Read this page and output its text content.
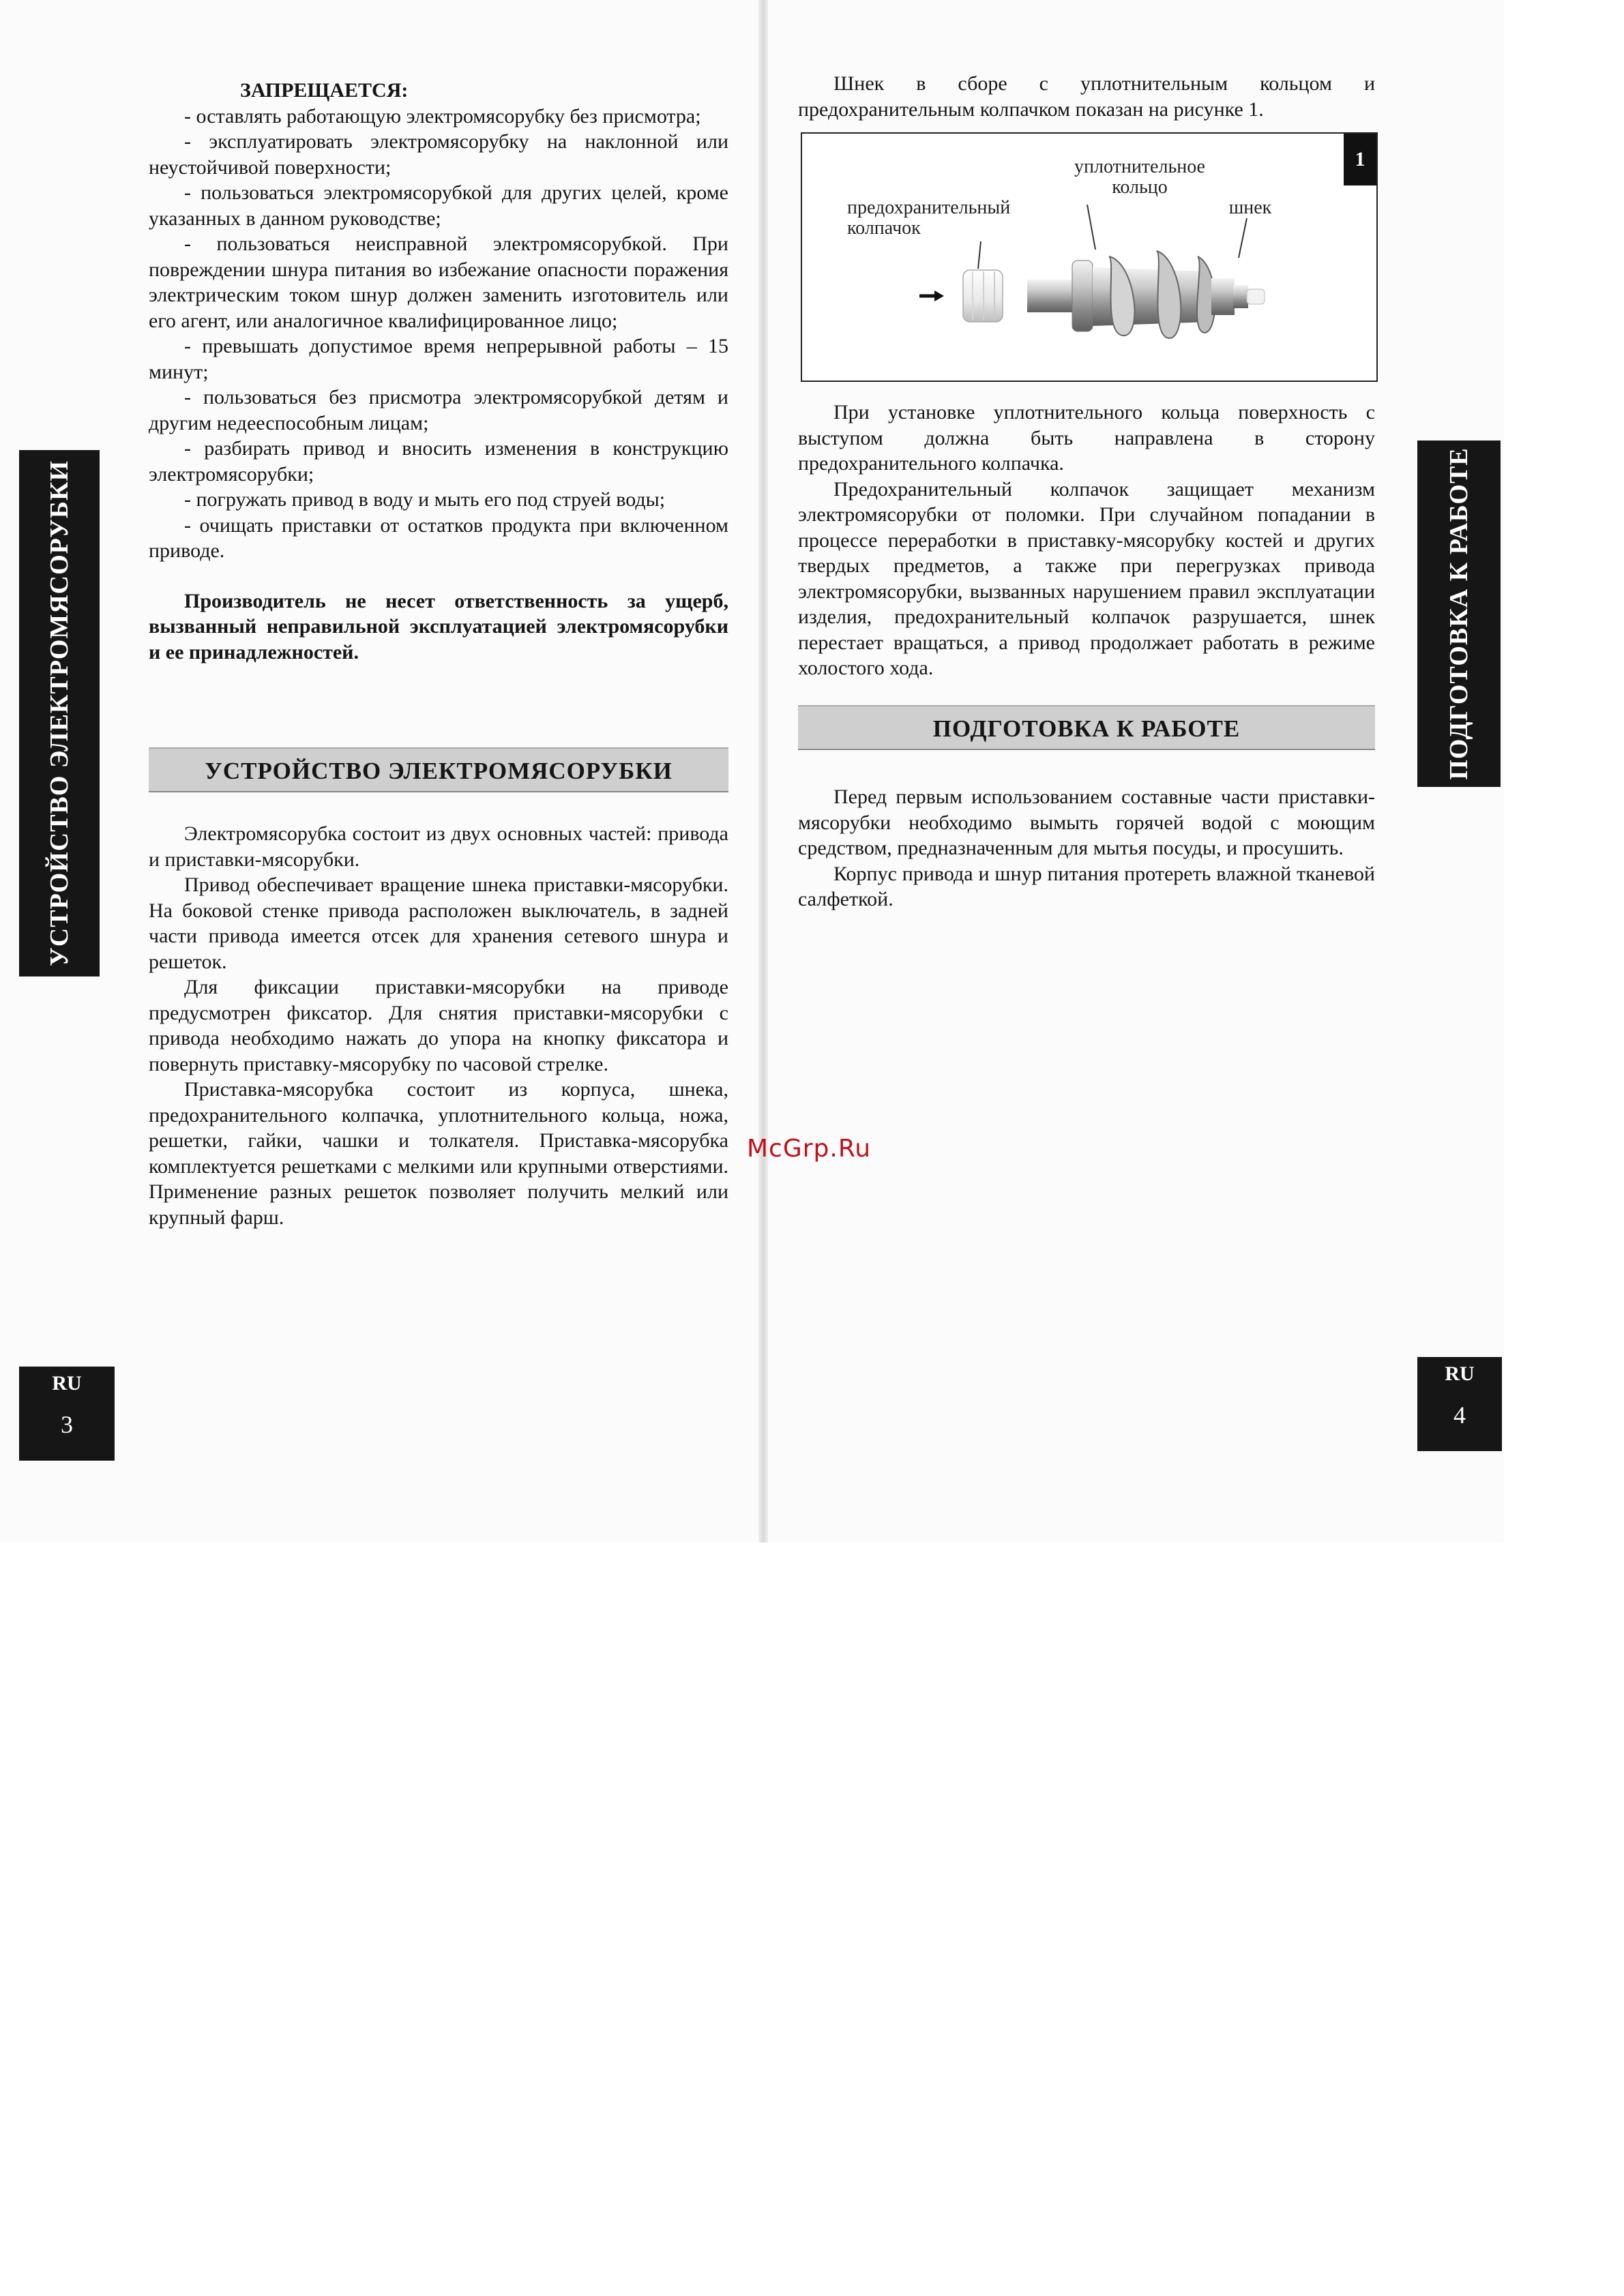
ЗАПРЕЩАЕТСЯ:

- оставлять работающую электромясорубку без присмотра;

- эксплуатировать электромясорубку на наклонной или неустойчивой поверхности;

- пользоваться электромясорубкой для других целей, кроме указанных в данном руководстве;

- пользоваться неисправной электромясорубкой. При повреждении шнура питания во избежание опасности поражения электрическим током шнур должен заменить изготовитель или его агент, или аналогичное квалифицированное лицо;

- превышать допустимое время непрерывной работы – 15 минут;

- пользоваться без присмотра электромясорубкой детям и другим недееспособным лицам;

- разбирать привод и вносить изменения в конструкцию электромясорубки;

- погружать привод в воду и мыть его под струей воды;

- очищать приставки от остатков продукта при включенном приводе.

Производитель не несет ответственность за ущерб, вызванный неправильной эксплуатацией электромясорубки и ее принадлежностей.

УСТРОЙСТВО ЭЛЕКТРОМЯСОРУБКИ

Электромясорубка состоит из двух основных частей: привода и приставки-мясорубки.

Привод обеспечивает вращение шнека приставки-мясорубки. На боковой стенке привода расположен выключатель, в задней части привода имеется отсек для хранения сетевого шнура и решеток.

Для фиксации приставки-мясорубки на приводе предусмотрен фиксатор. Для снятия приставки-мясорубки с привода необходимо нажать до упора на кнопку фиксатора и повернуть приставку-мясорубку по часовой стрелке.

Приставка-мясорубка состоит из корпуса, шнека, предохранительного колпачка, уплотнительного кольца, ножа, решетки, гайки, чашки и толкателя. Приставка-мясорубка комплектуется решетками с мелкими или крупными отверстиями. Применение разных решеток позволяет получить мелкий или крупный фарш.

УСТРОЙСТВО ЭЛЕКТРОМЯСОРУБКИ
RU
3

Шнек в сборе с уплотнительным кольцом и предохранительным колпачком показан на рисунке 1.

1
предохранительный колпачок
уплотнительное кольцо
шнек

При установке уплотнительного кольца поверхность с выступом должна быть направлена в сторону предохранительного колпачка.

Предохранительный колпачок защищает механизм электромясорубки от поломки. При случайном попадании в процессе переработки в приставку-мясорубку костей и других твердых предметов, а также при перегрузках привода электромясорубки, вызванных нарушением правил эксплуатации изделия, предохранительный колпачок разрушается, шнек перестает вращаться, а привод продолжает работать в режиме холостого хода.

ПОДГОТОВКА К РАБОТЕ

Перед первым использованием составные части приставки-мясорубки необходимо вымыть горячей водой с моющим средством, предназначенным для мытья посуды, и просушить.

Корпус привода и шнур питания протереть влажной тканевой салфеткой.

ПОДГОТОВКА К РАБОТЕ
RU
4
McGrp.Ru
